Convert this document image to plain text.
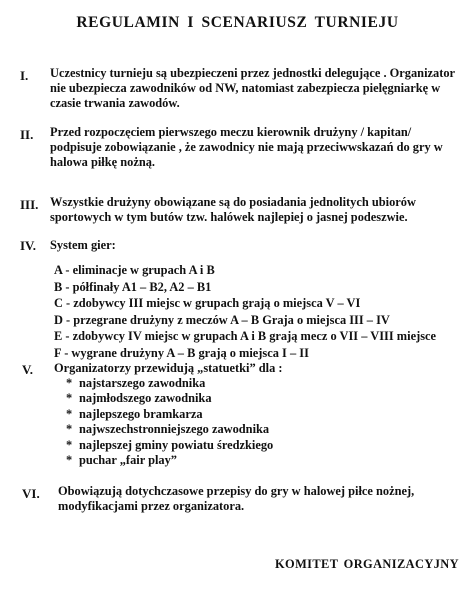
REGULAMIN I SCENARIUSZ TURNIEJU
I. Uczestnicy turnieju są ubezpieczeni przez jednostki delegujące . Organizator
nie ubezpiecza zawodników od NW, natomiast zabezpiecza pielęgniarkę w
czasie trwania zawodów.
II. Przed rozpoczęciem pierwszego meczu kierownik drużyny / kapitan/
podpisuje zobowiązanie , że zawodnicy nie mają przeciwwskazań do gry w
halowa piłkę nożną.
III. Wszystkie drużyny obowiązane są do posiadania jednolitych ubiorów
sportowych w tym butów tzw. halówek najlepiej o jasnej podeszwie.
IV. System gier:
A - eliminacje w grupach A i B
B - półfinały A1 – B2, A2 – B1
C - zdobywcy III miejsc w grupach grają o miejsca V – VI
D - przegrane drużyny z meczów A – B Graja o miejsca III – IV
E - zdobywcy IV miejsc w grupach A i B grają mecz o VII – VIII miejsce
F - wygrane drużyny A – B grają o miejsca I – II
V. Organizatorzy przewidują „statuetki” dla :
* najstarszego zawodnika
* najmłodszego zawodnika
* najlepszego bramkarza
* najwszechstronniejszego zawodnika
* najlepszej gminy powiatu średzkiego
* puchar „fair play”
VI. Obowiązują dotychczasowe przepisy do gry w halowej piłce nożnej,
modyfikacjami przez organizatora.
KOMITET ORGANIZACYJNY
